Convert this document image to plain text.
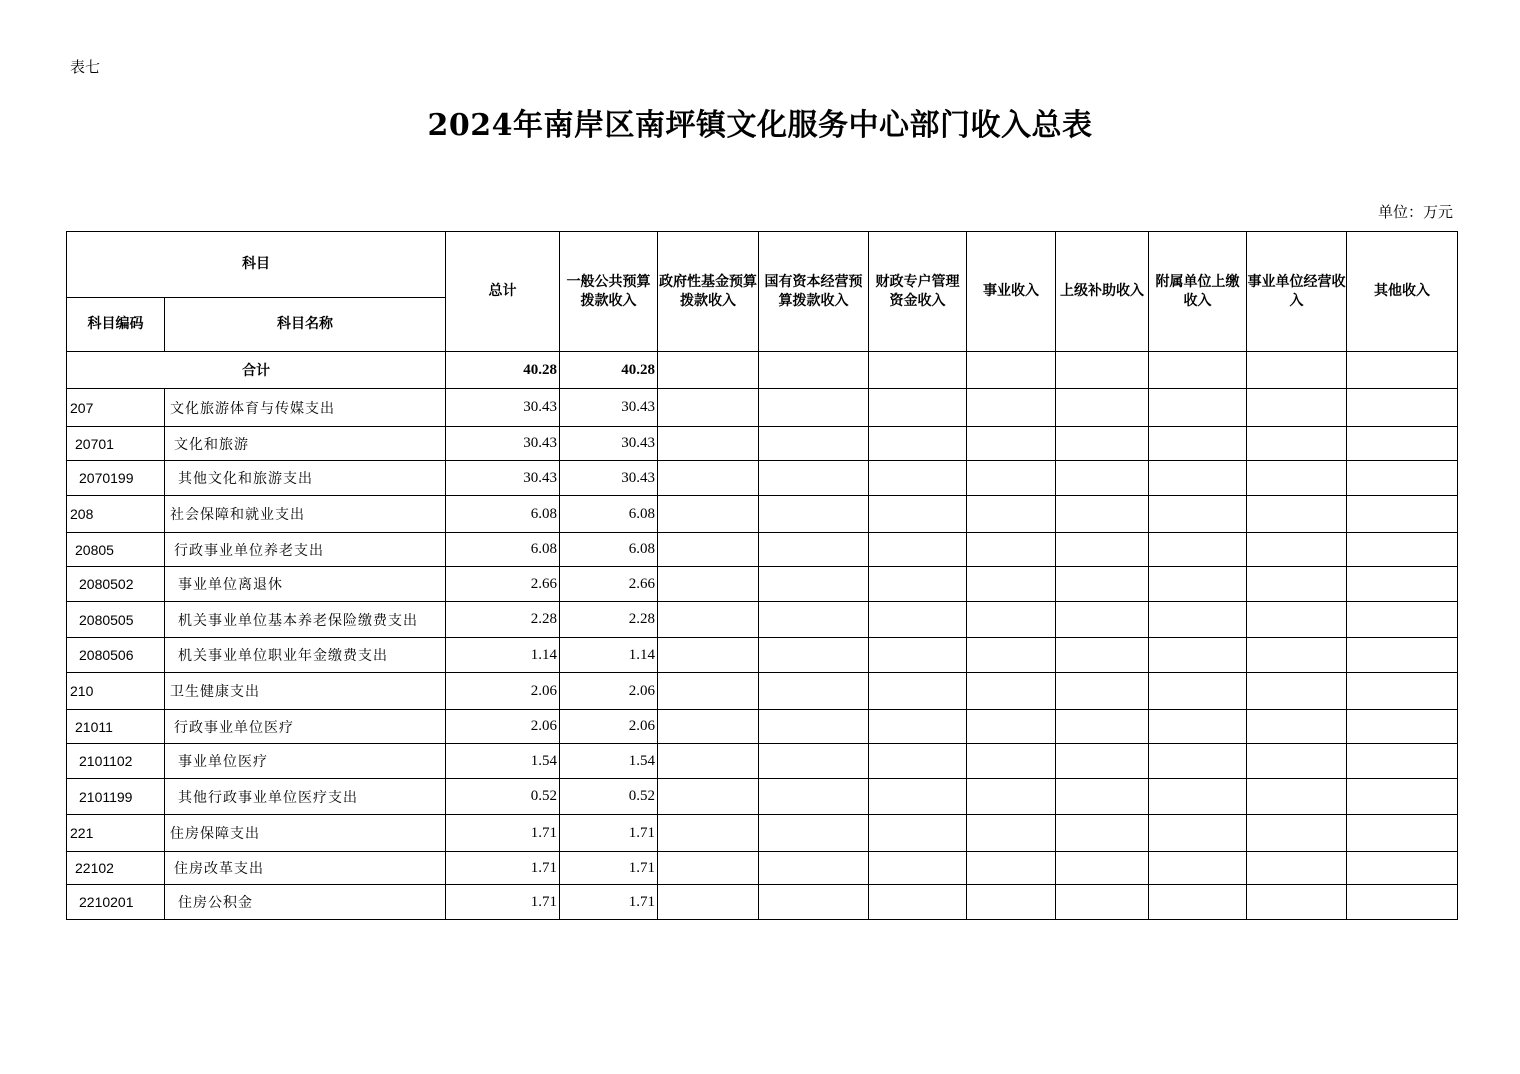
表七
2024年南岸区南坪镇文化服务中心部门收入总表
单位：万元
科目		总计	一般公共预算拨款收入	政府性基金预算拨款收入	国有资本经营预算拨款收入	财政专户管理资金收入	事业收入	上级补助收入	附属单位上缴收入	事业单位经营收入	其他收入
科目编码	科目名称										
合计		40.28	40.28								
207	文化旅游体育与传媒支出	30.43	30.43								
20701	文化和旅游	30.43	30.43								
2070199	其他文化和旅游支出	30.43	30.43								
208	社会保障和就业支出	6.08	6.08								
20805	行政事业单位养老支出	6.08	6.08								
2080502	事业单位离退休	2.66	2.66								
2080505	机关事业单位基本养老保险缴费支出	2.28	2.28								
2080506	机关事业单位职业年金缴费支出	1.14	1.14								
210	卫生健康支出	2.06	2.06								
21011	行政事业单位医疗	2.06	2.06								
2101102	事业单位医疗	1.54	1.54								
2101199	其他行政事业单位医疗支出	0.52	0.52								
221	住房保障支出	1.71	1.71								
22102	住房改革支出	1.71	1.71								
2210201	住房公积金	1.71	1.71								
